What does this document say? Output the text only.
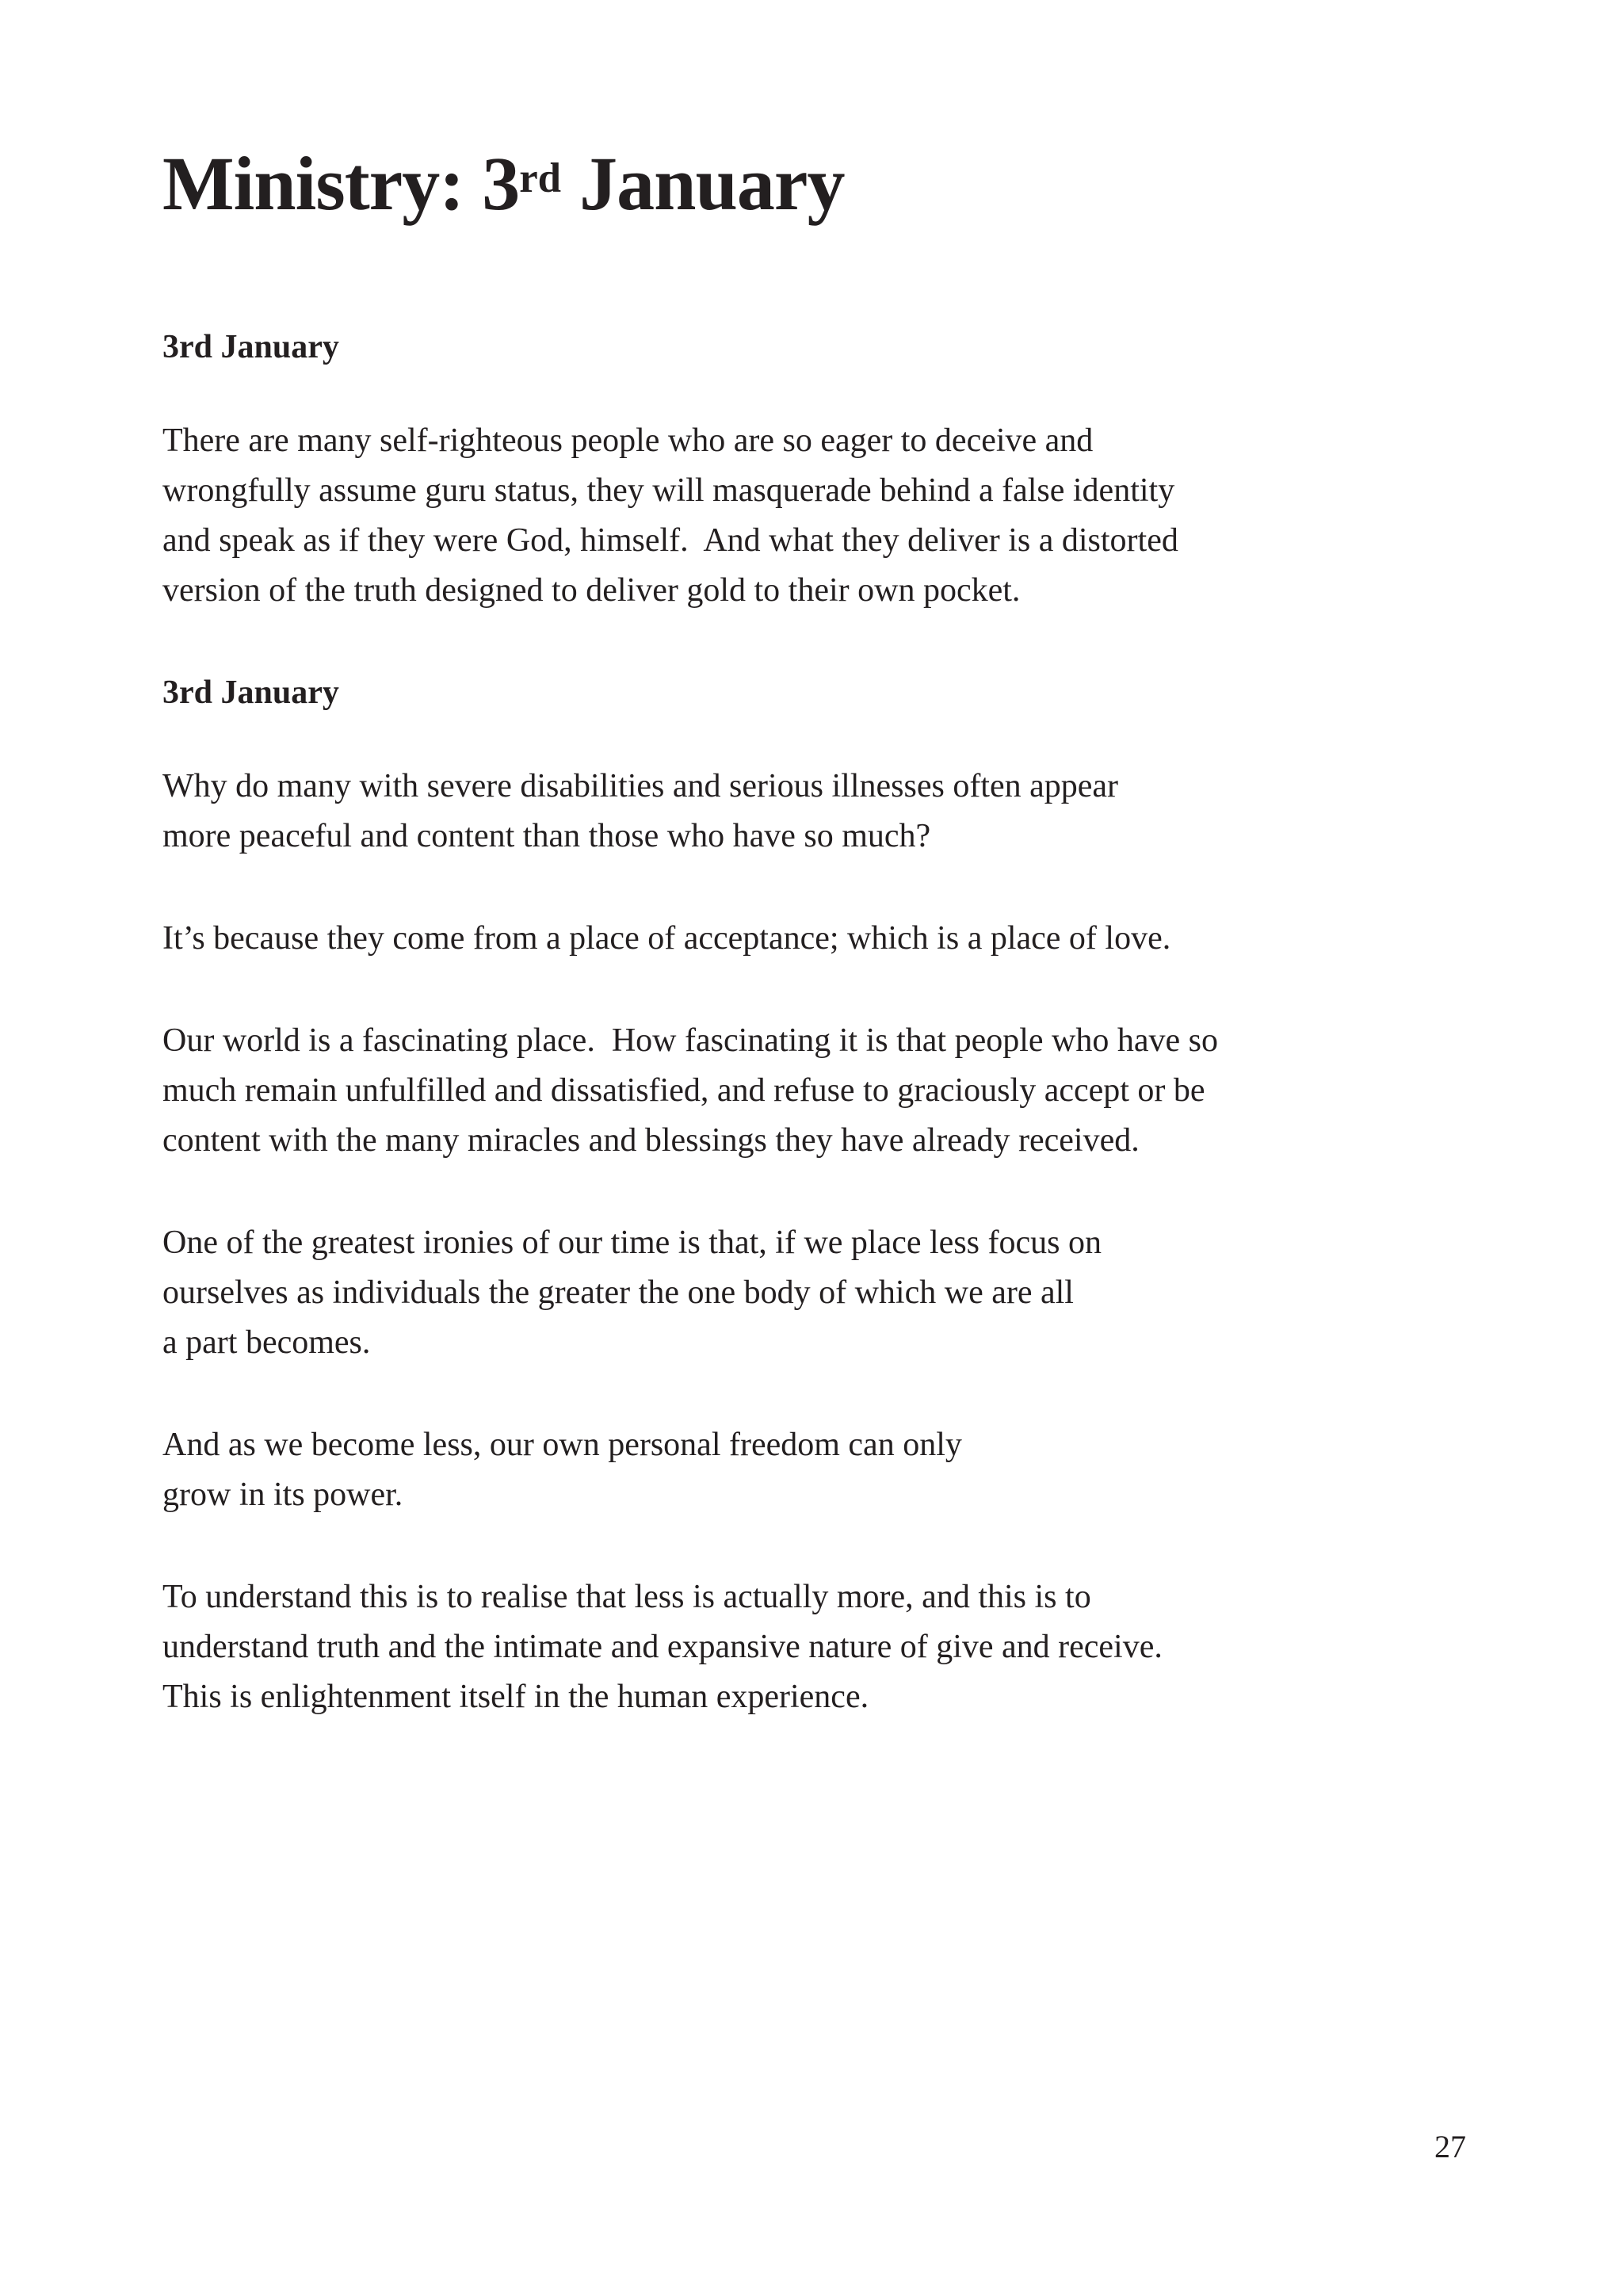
Ministry: 3rd January
3rd January

There are many self-righteous people who are so eager to deceive and
wrongfully assume guru status, they will masquerade behind a false identity
and speak as if they were God, himself.  And what they deliver is a distorted
version of the truth designed to deliver gold to their own pocket.

3rd January

Why do many with severe disabilities and serious illnesses often appear
more peaceful and content than those who have so much?

It’s because they come from a place of acceptance; which is a place of love.

Our world is a fascinating place.  How fascinating it is that people who have so
much remain unfulfilled and dissatisfied, and refuse to graciously accept or be
content with the many miracles and blessings they have already received.

One of the greatest ironies of our time is that, if we place less focus on
ourselves as individuals the greater the one body of which we are all
a part becomes.

And as we become less, our own personal freedom can only
grow in its power.

To understand this is to realise that less is actually more, and this is to
understand truth and the intimate and expansive nature of give and receive.
This is enlightenment itself in the human experience.

27
